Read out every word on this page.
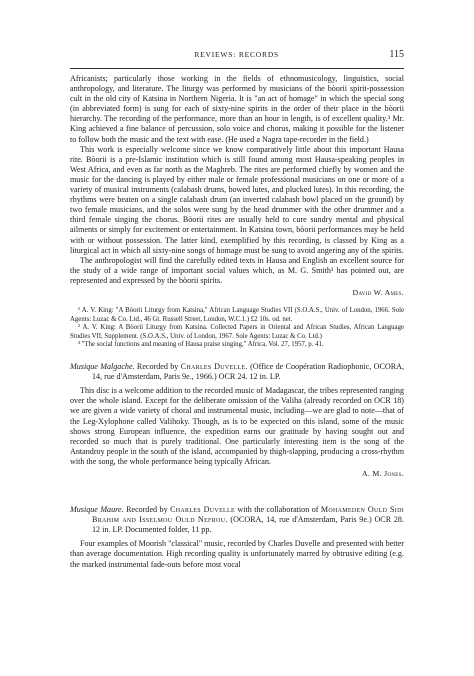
REVIEWS: RECORDS	115

Africanists; particularly those working in the fields of ethnomusicology, linguistics, social anthropology, and literature. The liturgy was performed by musicians of the bòorii spirit-possession cult in the old city of Katsina in Northern Nigeria. It is "an act of homage" in which the special song (in abbreviated form) is sung for each of sixty-nine spirits in the order of their place in the bòorii hierarchy. The recording of the performance, more than an hour in length, is of excellent quality.³ Mr. King achieved a fine balance of percussion, solo voice and chorus, making it possible for the listener to follow both the music and the text with ease. (He used a Nagra tape-recorder in the field.)

This work is especially welcome since we know comparatively little about this important Hausa rite. Bòorii is a pre-Islamic institution which is still found among most Hausa-speaking peoples in West Africa, and even as far north as the Maghreb. The rites are performed chiefly by women and the music for the dancing is played by either male or female professional musicians on one or more of a variety of musical instruments (calabash drums, bowed lutes, and plucked lutes). In this recording, the rhythms were beaten on a single calabash drum (an inverted calabash bowl placed on the ground) by two female musicians, and the solos were sung by the head drummer with the other drummer and a third female singing the chorus. Bòorii rites are usually held to cure sundry mental and physical ailments or simply for excitement or entertainment. In Katsina town, bòorii performances may be held with or without possession. The latter kind, exemplified by this recording, is classed by King as a liturgical act in which all sixty-nine songs of homage must be sung to avoid angering any of the spirits.

The anthropologist will find the carefully edited texts in Hausa and English an excellent source for the study of a wide range of important social values which, as M. G. Smith³ has pointed out, are represented and expressed by the bòorii spirits.

David W. Ames.

¹ A. V. King: "A Bòorii Liturgy from Katsina," African Language Studies VII (S.O.A.S., Univ. of London, 1966. Sole Agents: Luzac & Co. Ltd., 46 Gt. Russell Street, London, W.C.1.) £2 10s. od. net.

² A. V. King: A Bòorii Liturgy from Katsina. Collected Papers in Oriental and African Studies, African Language Studies VII, Supplement. (S.O.A.S., Univ. of London, 1967. Sole Agents: Luzac & Co. Ltd.)

³ "The social functions and meaning of Hausa praise singing," Africa, Vol. 27, 1957, p. 41.

Musique Malgache. Recorded by Charles Duvelle. (Office de Coopération Radiophonic, OCORA, 14, rue d'Amsterdam, Paris 9e., 1966.) OCR 24. 12 in. LP.

This disc is a welcome addition to the recorded music of Madagascar, the tribes represented ranging over the whole island. Except for the deliberate omission of the Valiha (already recorded on OCR 18) we are given a wide variety of choral and instrumental music, including—we are glad to note—that of the Leg-Xylophone called Valihoky. Though, as is to be expected on this island, some of the music shows strong European influence, the expedition earns our gratitude by having sought out and recorded so much that is purely traditional. One particularly interesting item is the song of the Antandroy people in the south of the island, accompanied by thigh-slapping, producing a cross-rhythm with the song, the whole performance being typically African.

A. M. Jones.

Musique Maure. Recorded by Charles Duvelle with the collaboration of Mohameden Ould Sidi Brahim and Isselmou Ould Nefrou. (OCORA, 14, rue d'Amsterdam, Paris 9e.) OCR 28. 12 in. LP. Documented folder, 11 pp.

Four examples of Moorish "classical" music, recorded by Charles Duvelle and presented with better than average documentation. High recording quality is unfortunately marred by obtrusive editing (e.g. the marked instrumental fade-outs before most vocal
